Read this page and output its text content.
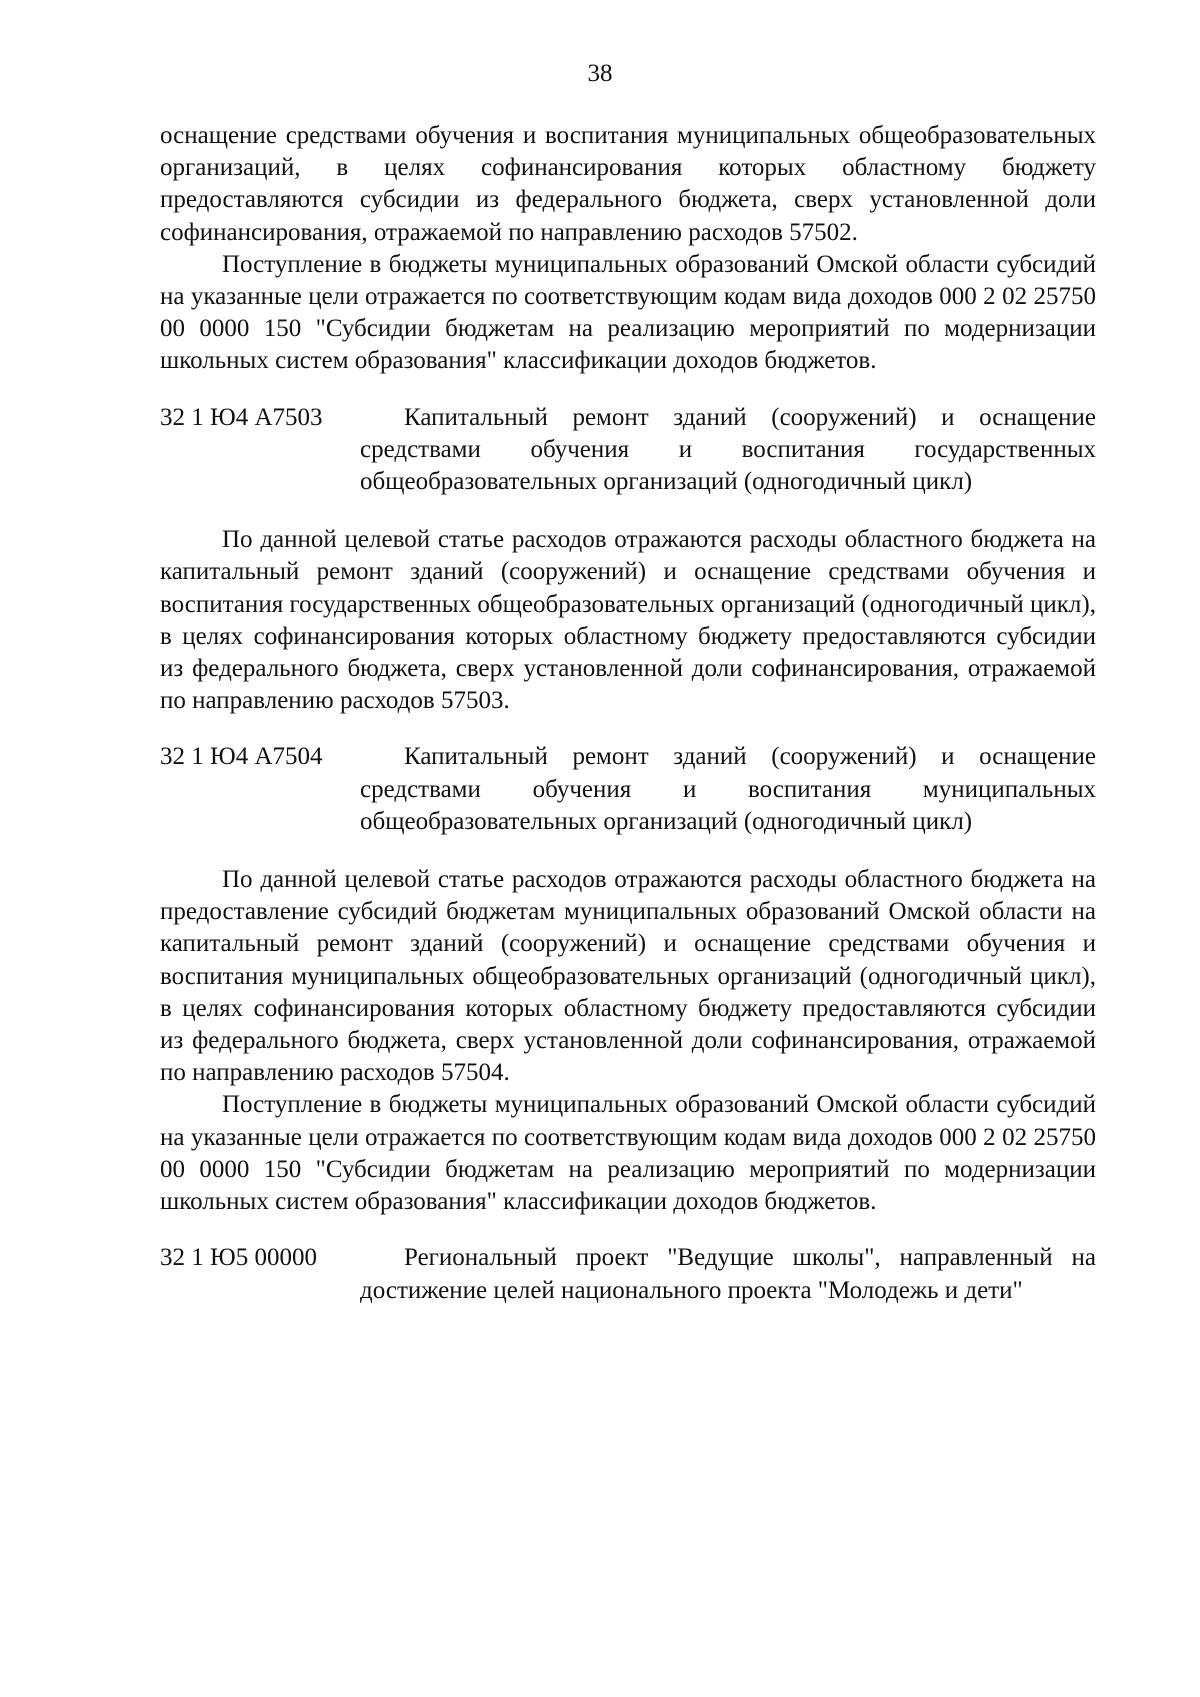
38

оснащение средствами обучения и воспитания муниципальных общеобразовательных организаций, в целях софинансирования которых областному бюджету предоставляются субсидии из федерального бюджета, сверх установленной доли софинансирования, отражаемой по направлению расходов 57502.

Поступление в бюджеты муниципальных образований Омской области субсидий на указанные цели отражается по соответствующим кодам вида доходов 000 2 02 25750 00 0000 150 "Субсидии бюджетам на реализацию мероприятий по модернизации школьных систем образования" классификации доходов бюджетов.

32 1 Ю4 А7503	Капитальный ремонт зданий (сооружений) и оснащение средствами обучения и воспитания государственных общеобразовательных организаций (одногодичный цикл)

По данной целевой статье расходов отражаются расходы областного бюджета на капитальный ремонт зданий (сооружений) и оснащение средствами обучения и воспитания государственных общеобразовательных организаций (одногодичный цикл), в целях софинансирования которых областному бюджету предоставляются субсидии из федерального бюджета, сверх установленной доли софинансирования, отражаемой по направлению расходов 57503.

32 1 Ю4 А7504	Капитальный ремонт зданий (сооружений) и оснащение средствами обучения и воспитания муниципальных общеобразовательных организаций (одногодичный цикл)

По данной целевой статье расходов отражаются расходы областного бюджета на предоставление субсидий бюджетам муниципальных образований Омской области на капитальный ремонт зданий (сооружений) и оснащение средствами обучения и воспитания муниципальных общеобразовательных организаций (одногодичный цикл), в целях софинансирования которых областному бюджету предоставляются субсидии из федерального бюджета, сверх установленной доли софинансирования, отражаемой по направлению расходов 57504.

Поступление в бюджеты муниципальных образований Омской области субсидий на указанные цели отражается по соответствующим кодам вида доходов 000 2 02 25750 00 0000 150 "Субсидии бюджетам на реализацию мероприятий по модернизации школьных систем образования" классификации доходов бюджетов.

32 1 Ю5 00000	Региональный проект "Ведущие школы", направленный на достижение целей национального проекта "Молодежь и дети"
